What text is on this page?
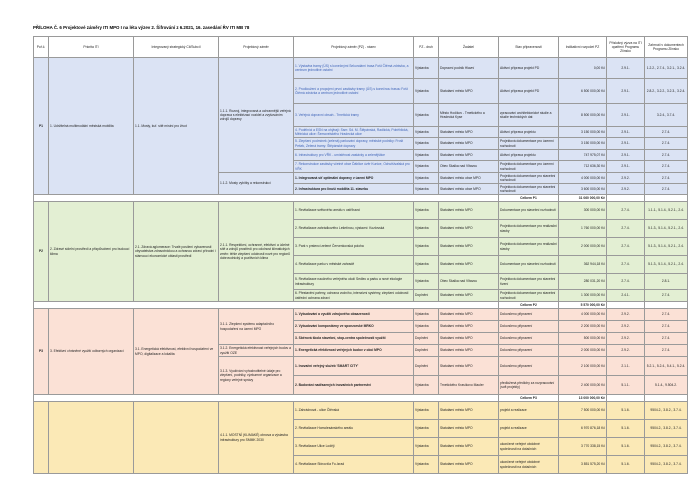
PŘÍLOHA Č. 6 Projektové záměry ITI MPO I na léta výzev 2. Šifrování z 6.2021, 16. zasedání ŘV ITI MB 78
Poř.č.	Priorita ITI	Integrovaný strategický Cíl/Subcíl	Projektový záměr	Projektový záměr (PZ) - název	PZ - druh	Žadatel	Stav připravenosti	Indikativní rozpočet PZ	Příslušný výzva na ITI opatření Programu Zlínsko	Zahrnutí v dokumentech Programu Zlínsko
P1	1. Udržitelná multimodální městská mobilita	1.1. Mosty, kuř. sítě místní pro život	1.1.1. Rozvoj, integrovaná a ochrannější veřejná doprava s elektrizací vozidel a zvyšováním zdrojů dopravy	1. Výstavba tramy (ÚS) s konečnými Sekundární trasa Fošt Čtěmá zdrávka, a centrum jednotlivé ostatní	Výstavba	Dopravní podnik Hlavní	Aktivní příprava projekt PD	0,00 Kč	2.9.1.	1.2.2., 2.7.4., 3.2.1., 3.2.4.
				2. Prodloužení a propojení první zastávky tramy (ÚS) s konečnou trasou Fošt Čtěmá zdrávka a centrum jednotlivé ostatní	Výstavba	Statutární město MPO	Aktivní příprava projekt PD	6 500 000,00 Kč	2.9.1.	2.8.2., 3.2.2., 3.2.3., 3.2.4.
				3. Veřejná dopravní obsah - Trnetická tramy	Výstavba	Město Hodíkov - Trnetického a Hradecká Kyse	zpracování architektonické studie a studie technických dat	8 500 000,00 Kč	2.9.1.	3.2.4., 3.7.4.
				4. Podélníci a ESN na ohýbají: Ssm: Sd. M. Štěpánská, Radlická, Poběhlická, Mělnická ulice: Šemovelského Hradecká ulice	Výstavba	Statutární město MPO	Aktivní příprava projektu	3 150 000,00 Kč	2.9.1.	2.7.4.
				5. Zlepšení podmínek (zelená) parkování dopravy, městské podniky: Frošt Pešek, Zelená tramy: Štěpánské dopravy	Výstavba	Statutární město MPO	Projektová dokumentace pro územní rozhodnutí	3 150 000,00 Kč	2.9.1.	2.7.4.
				6. Infrastruktury pro VŘK - umístěnost zastávky a zelenějštice	Výstavba	Statutární město MPO	Aktivní příprava projektu	747 975,07 Kč	2.9.1.	2.7.4.
				7. Rekonstrukce zastávky včetně obce Ďáblice úvěr Kunice, Ochutšívalská pro VŘK	Výstavba	Obec Skalka nad Vltavou	Projektová dokumentace pro územní rozhodnutí	712 636,30 Kč	2.9.1.	2.7.4.
			1.1.2. Mosty vybítky a rekonstrukcí	1. Integrovaná síť optimální dopravy v území MPO	Výstavba	Statutární město obce MPO	Projektová dokumentace pro stavební rozhodnutí	4 000 000,00 Kč	2.9.2.	2.7.4.
				2. Infrastruktura pro linuší mobilita 11. stavebu	Výstavba	Statutární město obce MPO	Projektová dokumentace pro stavební rozhodnutí	3 600 000,00 Kč	2.9.2.	2.7.4.
							Celkem P1	31 060 000,00 Kč		
P2	2. Zdravé sídelní prostředí a přizpůsobení pro budoucí klima	2.1. Zdravá aglomerace: Trvalé posílení vybavenosti obyvatelstva zdravotnickou a ochranou zdraví přírodní i stárnoucí ekonomické oblasti prostředí	2.1.1. Respektivní, ochranné, efektivní a účelné sítě a zdrojů prostředí pro odolnost klimatických změn: téhle zlepšení odolnosti nové pro regionů dobrovolnický a pozitivních klima	1. Revitalizace světového areálu v ostříhavci	Výstavba	Statutární město MPO	Dokumentace pro stavební rozhodnutí	300 000,00 Kč	2.7.4.	1.1.1., 5.1.4., 5.2.1., 2.4.
				2. Revitalizace zahrádkového Lešetínou, výstavní: Kozlovská	Výstavba	Statutární město MPO	Projektová dokumentace pro realizační stavby	1 760 000,00 Kč	2.7.4.	5.1.3., 5.1.4., 5.2.1., 2.4.
				3. Park v prstenci zelené Červenkovská poloha	Výstavba	Statutární město MPO	Projektová dokumentace pro realizační stavby	2 000 000,00 Kč	2.7.4.	5.1.3., 5.1.4., 5.2.1., 2.4.
				4. Revitalizace parku v městské zahradě	Výstavba	Statutární město MPO	Dokumentace pro stavební rozhodnutí	362 944,18 Kč	2.7.4.	5.1.3., 5.1.4., 5.2.1., 2.4.
				5. Revitalizace naučného veřejného okolí Sedlec a parku a nové ekologie infrastruktury	Výstavba	Obec Skalka nad Vltavou	Projektová dokumentace pro stavební řízení	280 031,20 Kč	2.7.4.	2.8.1.
				6. Přestavění pařeny, ochrana vodního, intenzivní systémy, zlepšení odolnosti ústřední ochrana zdraví	Doplnění	Statutární město MPO	Projektová dokumentace pro stavební rozhodnutí	1 300 000,00 Kč	2.4.1.	2.7.4.
							Celkem P2	5 570 000,00 Kč		
P3	3. Efektivní chráněné využití odborných organizací	3.1. Energetická efektivnost, efektivní hospodaření ve MPO, digitalizace a lokalita	3.1.1. Zlepšení systému adaptačního hospodaření na území MPO	1. Vybudování a využití zdrojového obsazenosti	Výstavba	Statutární město MPO	Dokončeno připravení	4 000 000,00 Kč	2.9.2.	2.7.4.
				2. Vybudování kompostárny ve sponzorské MRKO	Výstavba	Statutární město MPO	Dokončeno připravení	2 200 000,00 Kč	2.9.2.	2.7.4.
				3. Sběrová škola stavební, stop-centra společnosti využití	Doplnění	Statutární město MPO	Dokončeno připravení	500 000,00 Kč	2.9.2.	2.7.4.
			3.1.2. Energetická efektivnost veřejných budov a využití OZE	1. Energetická efektivnost veřejných budov v obci MPO	Doplnění	Statutární město MPO	Dokončeno připravení	2 000 000,00 Kč	2.9.2.	2.7.4.
			3.1.3. Využívání vyhodnotitelné údaje pro zlepšení, podniky, výzkumné organizace a regiony veřejné správy	1. Inovační veřejný služeb 'SMART CITY'	Doplnění	Statutární město MPO	Dokončeno připravení	2 100 000,00 Kč	2.1.1.	5.2.1., 5.2.4., 5.4.1., 5.2.4.
				2. Budování nadřazených inovačních partnerství	Výstavba	Trnetického Krasíkovo Mauler	předložená předlohy za rozpracování (soft projekty)	2 400 000,00 Kč	5.1.1.	5.1.4., 9.504.2.
							Celkem P3	13 000 000,00 Kč		
			4.1.1. MOSTNÍ (KLIMAKÉ) obnova a výstavba infrastruktury pro SMMK 2030	1. Zahrádnová - ulice Čtěnská	Výstavba	Statutární město MPO	projekt a realizace	7 500 000,00 Kč	5.1.6.	9504.2., 3.8.2., 3.7.4.
				2. Revitalizace Homolesánského areálu	Výstavba	Statutární město MPO	projekt a realizace	6 970 876,18 Kč	5.1.6.	9504.2., 3.8.2., 3.7.4.
				3. Revitalizace Ulice Lodějí	Výstavba	Statutární město MPO	ukončené veřejné obdobné společnosti na dotačních	3 770 338,15 Kč	5.1.6.	9504.2., 3.8.2., 3.7.4.
				4. Revitalizace Stínová'a Fo-Izrad	Výstavba	Statutární město MPO	ukončené veřejné obdobné společnosti na dotačních	3 851 575,20 Kč	5.1.6.	9504.2., 3.8.2., 3.7.4.
